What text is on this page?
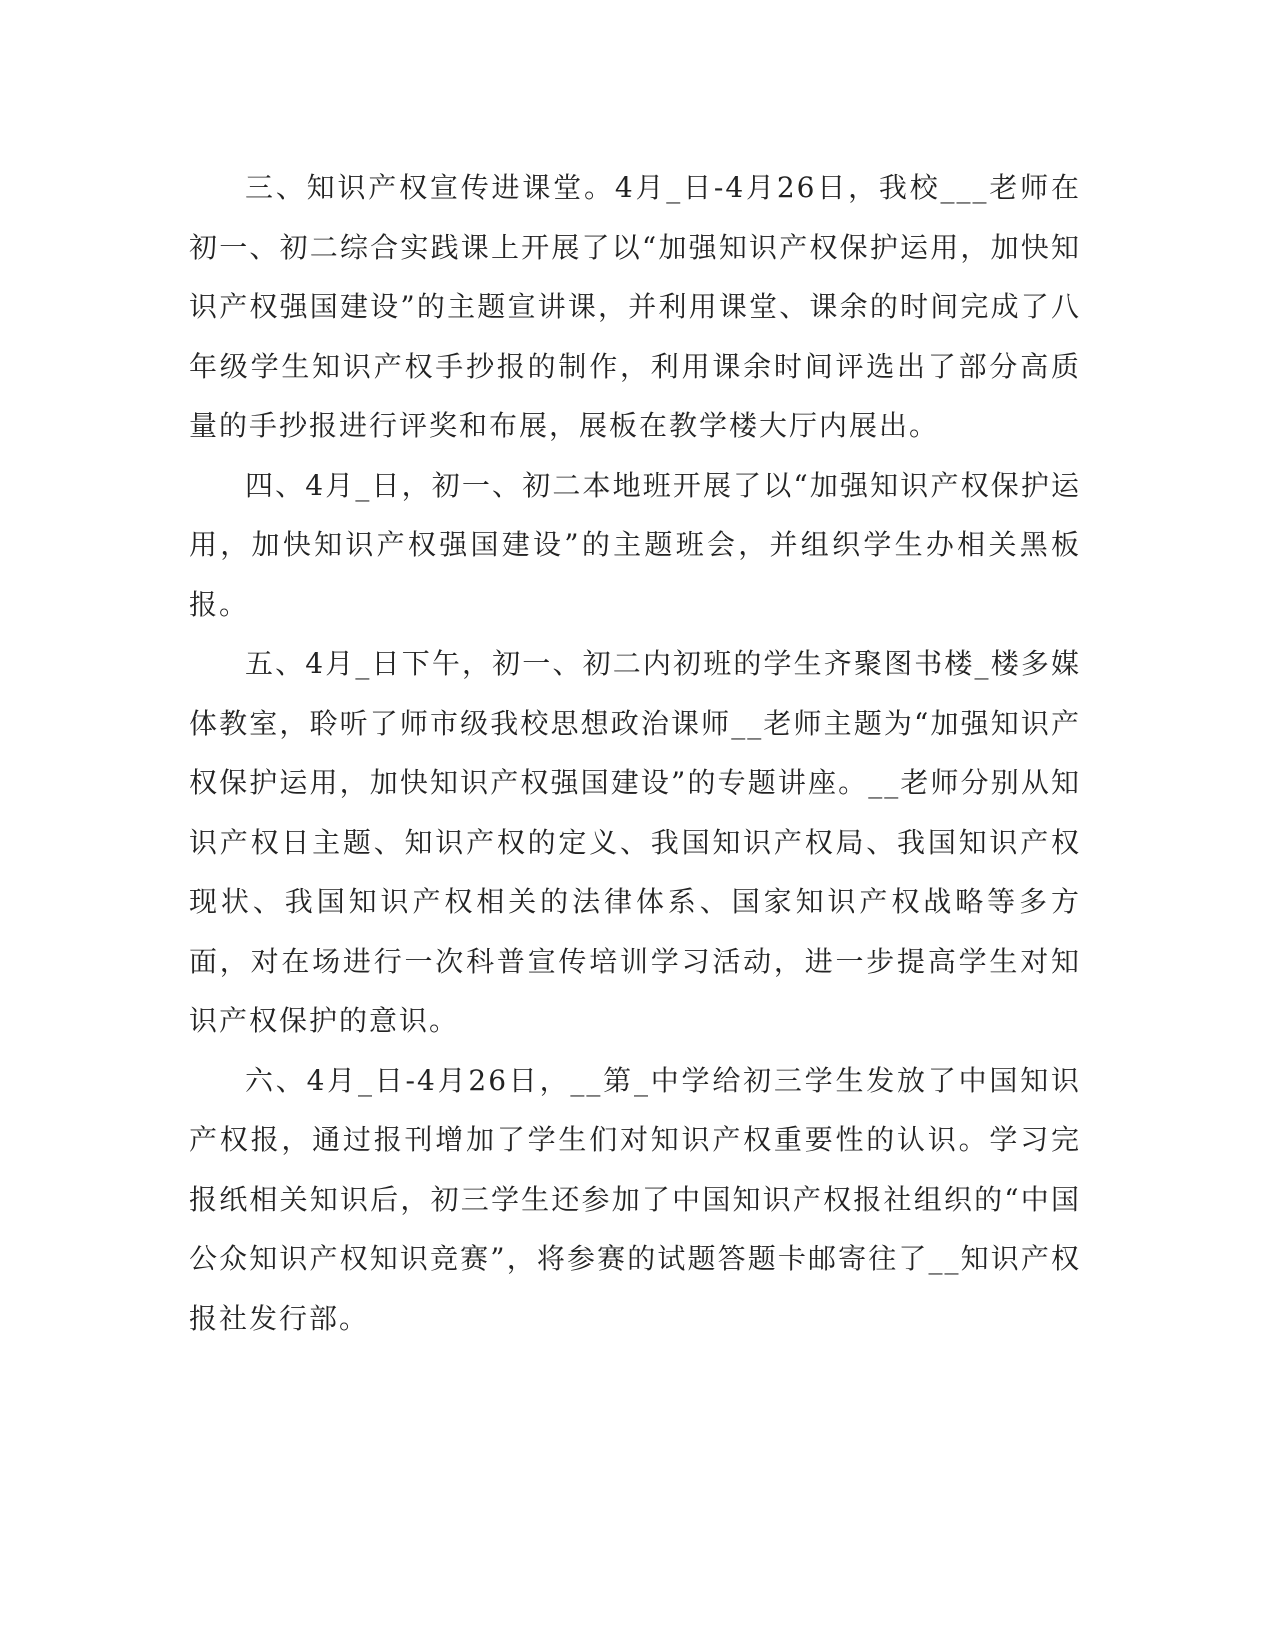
三、知识产权宣传进课堂。4月_日-4月26日，我校___老师在初一、初二综合实践课上开展了以“加强知识产权保护运用，加快知识产权强国建设”的主题宣讲课，并利用课堂、课余的时间完成了八年级学生知识产权手抄报的制作，利用课余时间评选出了部分高质量的手抄报进行评奖和布展，展板在教学楼大厅内展出。

四、4月_日，初一、初二本地班开展了以“加强知识产权保护运用，加快知识产权强国建设”的主题班会，并组织学生办相关黑板报。

五、4月_日下午，初一、初二内初班的学生齐聚图书楼_楼多媒体教室，聆听了师市级我校思想政治课师__老师主题为“加强知识产权保护运用，加快知识产权强国建设”的专题讲座。__老师分别从知识产权日主题、知识产权的定义、我国知识产权局、我国知识产权现状、我国知识产权相关的法律体系、国家知识产权战略等多方面，对在场进行一次科普宣传培训学习活动，进一步提高学生对知识产权保护的意识。

六、4月_日-4月26日，__第_中学给初三学生发放了中国知识产权报，通过报刊增加了学生们对知识产权重要性的认识。学习完报纸相关知识后，初三学生还参加了中国知识产权报社组织的“中国公众知识产权知识竞赛”，将参赛的试题答题卡邮寄往了__知识产权报社发行部。
